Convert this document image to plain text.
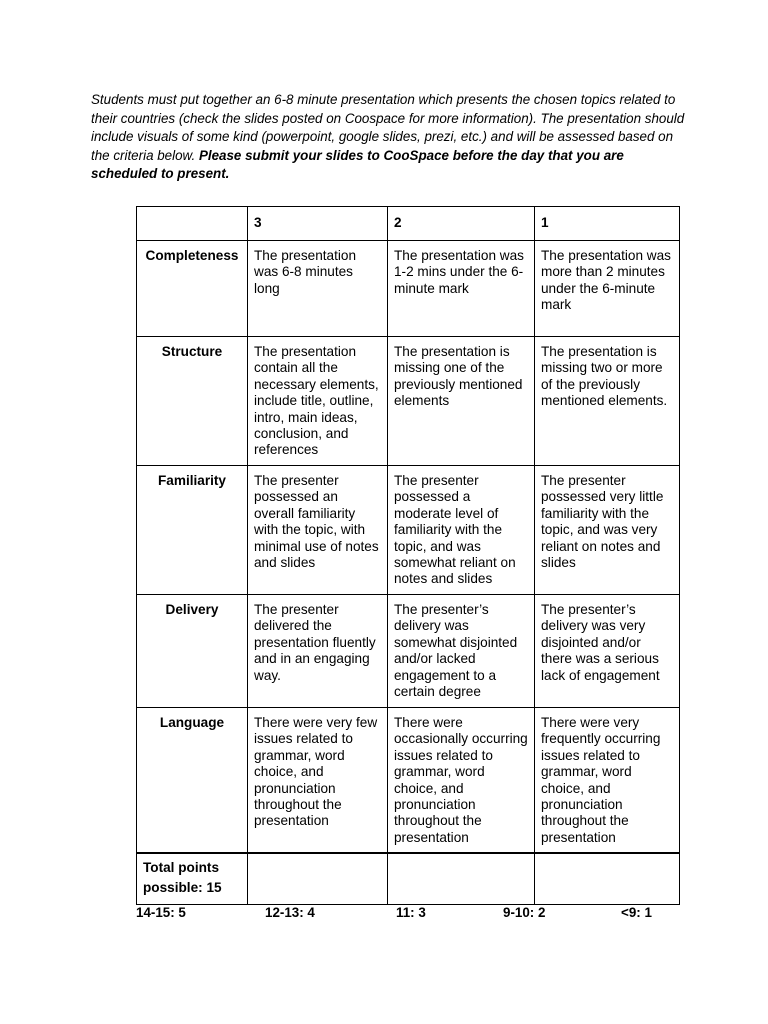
Students must put together an 6-8 minute presentation which presents the chosen topics related to their countries (check the slides posted on Coospace for more information). The presentation should include visuals of some kind (powerpoint, google slides, prezi, etc.) and will be assessed based on the criteria below. Please submit your slides to CooSpace before the day that you are scheduled to present.
	3	2	1
Completeness	The presentation was 6-8 minutes long	The presentation was 1-2 mins under the 6-minute mark	The presentation was more than 2 minutes under the 6-minute mark
Structure	The presentation contain all the necessary elements, include title, outline, intro, main ideas, conclusion, and references	The presentation is missing one of the previously mentioned elements	The presentation is missing two or more of the previously mentioned elements.
Familiarity	The presenter possessed an overall familiarity with the topic, with minimal use of notes and slides	The presenter possessed a moderate level of familiarity with the topic, and was somewhat reliant on notes and slides	The presenter possessed very little familiarity with the topic, and was very reliant on notes and slides
Delivery	The presenter delivered the presentation fluently and in an engaging way.	The presenter’s delivery was somewhat disjointed and/or lacked engagement to a certain degree	The presenter’s delivery was very disjointed and/or there was a serious lack of engagement
Language	There were very few issues related to grammar, word choice, and pronunciation throughout the presentation	There were occasionally occurring issues related to grammar, word choice, and pronunciation throughout the presentation	There were very frequently occurring issues related to grammar, word choice, and pronunciation throughout the presentation
Total points possible: 15			
14-15: 5	12-13: 4	11: 3	9-10: 2	<9: 1
